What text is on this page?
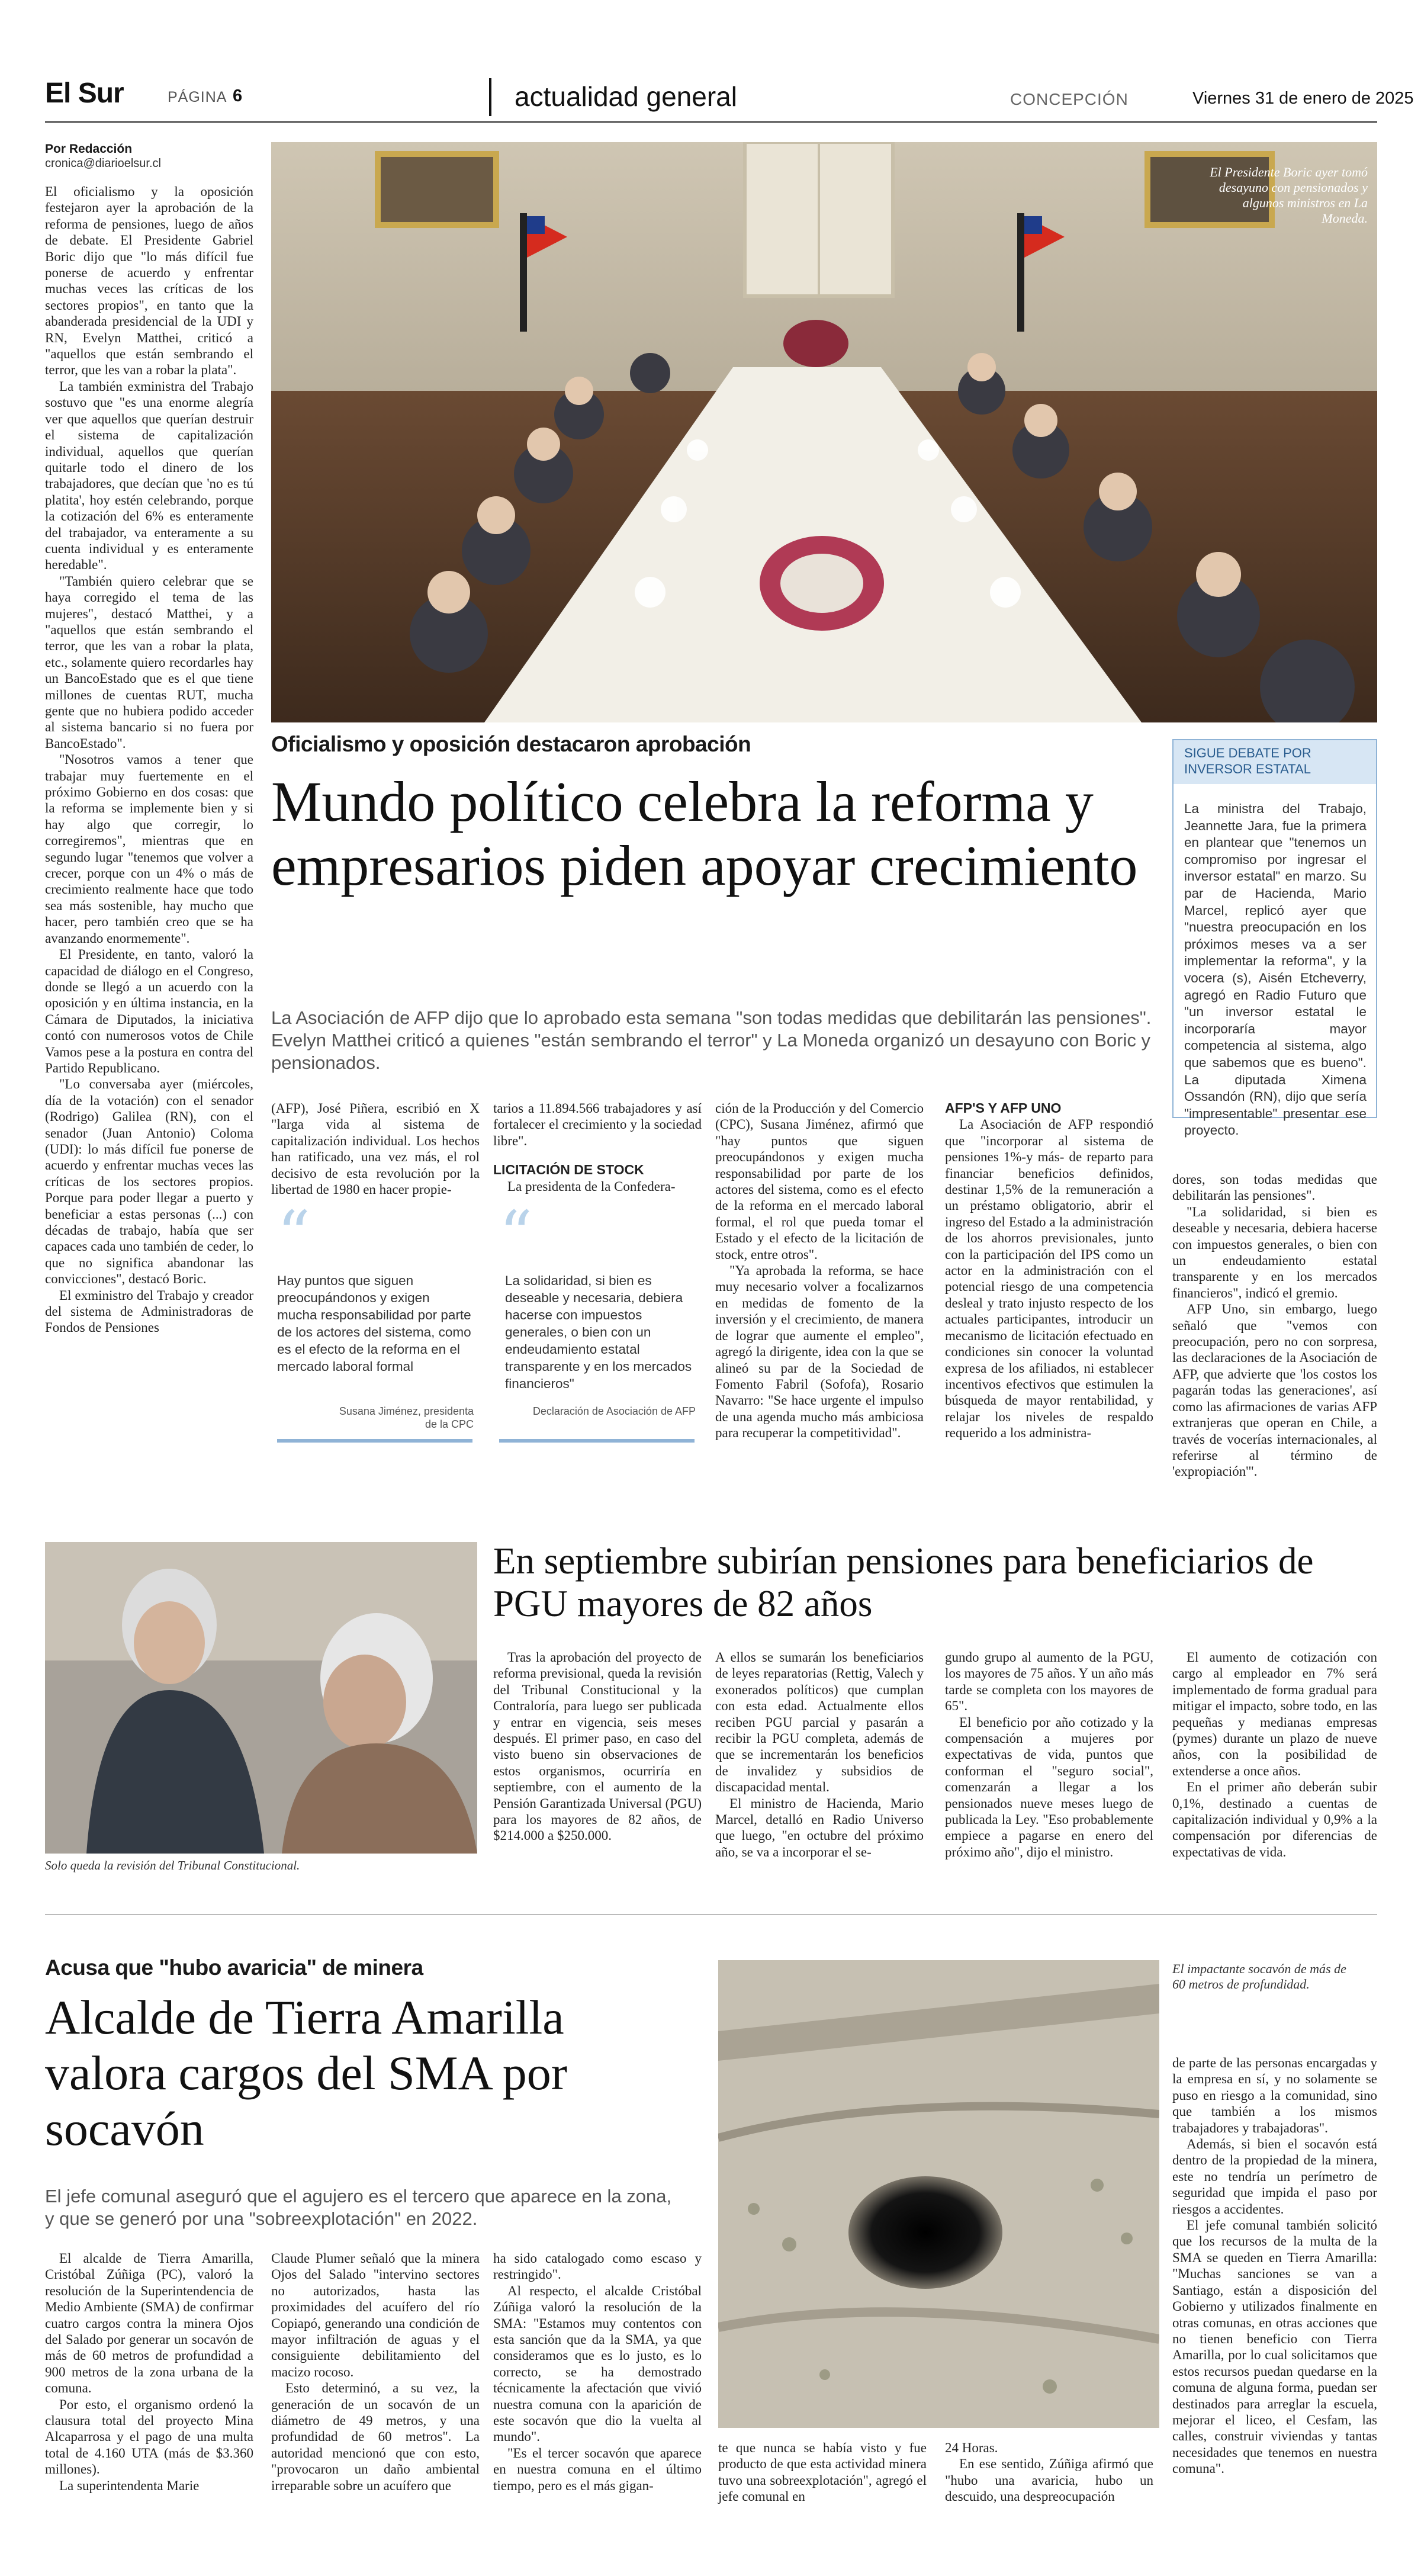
El Sur	PÁGINA 6	actualidad general	CONCEPCIÓN	Viernes 31 de enero de 2025
Por Redacción
cronica@diarioelsur.cl
El Presidente Boric ayer tomó desayuno con pensionados y algunos ministros en La Moneda.

El oficialismo y la oposición festejaron ayer la aprobación de la reforma de pensiones, luego de años de debate. El Presidente Gabriel Boric dijo que "lo más difícil fue ponerse de acuerdo y enfrentar muchas veces las críticas de los sectores propios", en tanto que la abanderada presidencial de la UDI y RN, Evelyn Matthei, criticó a "aquellos que están sembrando el terror, que les van a robar la plata".

La también exministra del Trabajo sostuvo que "es una enorme alegría ver que aquellos que querían destruir el sistema de capitalización individual, aquellos que querían quitarle todo el dinero de los trabajadores, que decían que 'no es tú platita', hoy estén celebrando, porque la cotización del 6% es enteramente del trabajador, va enteramente a su cuenta individual y es enteramente heredable".

"También quiero celebrar que se haya corregido el tema de las mujeres", destacó Matthei, y a "aquellos que están sembrando el terror, que les van a robar la plata, etc., solamente quiero recordarles hay un BancoEstado que es el que tiene millones de cuentas RUT, mucha gente que no hubiera podido acceder al sistema bancario si no fuera por BancoEstado".

"Nosotros vamos a tener que trabajar muy fuertemente en el próximo Gobierno en dos cosas: que la reforma se implemente bien y si hay algo que corregir, lo corregiremos", mientras que en segundo lugar "tenemos que volver a crecer, porque con un 4% o más de crecimiento realmente hace que todo sea más sostenible, hay mucho que hacer, pero también creo que se ha avanzando enormemente".

El Presidente, en tanto, valoró la capacidad de diálogo en el Congreso, donde se llegó a un acuerdo con la oposición y en última instancia, en la Cámara de Diputados, la iniciativa contó con numerosos votos de Chile Vamos pese a la postura en contra del Partido Republicano.

"Lo conversaba ayer (miércoles, día de la votación) con el senador (Rodrigo) Galilea (RN), con el senador (Juan Antonio) Coloma (UDI): lo más difícil fue ponerse de acuerdo y enfrentar muchas veces las críticas de los sectores propios. Porque para poder llegar a puerto y beneficiar a estas personas (...) con décadas de trabajo, había que ser capaces cada uno también de ceder, lo que no significa abandonar las convicciones", destacó Boric.

El exministro del Trabajo y creador del sistema de Administradoras de Fondos de Pensiones

Oficialismo y oposición destacaron aprobación
Mundo político celebra la reforma y empresarios piden apoyar crecimiento
La Asociación de AFP dijo que lo aprobado esta semana "son todas medidas que debilitarán las pensiones". Evelyn Matthei criticó a quienes "están sembrando el terror" y La Moneda organizó un desayuno con Boric y pensionados.
SIGUE DEBATE POR INVERSOR ESTATAL
La ministra del Trabajo, Jeannette Jara, fue la primera en plantear que "tenemos un compromiso por ingresar el inversor estatal" en marzo. Su par de Hacienda, Mario Marcel, replicó ayer que "nuestra preocupación en los próximos meses va a ser implementar la reforma", y la vocera (s), Aisén Etcheverry, agregó en Radio Futuro que "un inversor estatal le incorporaría mayor competencia al sistema, algo que sabemos que es bueno". La diputada Ximena Ossandón (RN), dijo que sería "impresentable" presentar ese proyecto.

(AFP), José Piñera, escribió en X "larga vida al sistema de capitalización individual. Los hechos han ratificado, una vez más, el rol decisivo de esta revolución por la libertad de 1980 en hacer propie-

“
Hay puntos que siguen preocupándonos y exigen mucha responsabilidad por parte de los actores del sistema, como es el efecto de la reforma en el mercado laboral formal
Susana Jiménez, presidenta de la CPC

tarios a 11.894.566 trabajadores y así fortalecer el crecimiento y la sociedad libre".

LICITACIÓN DE STOCK

La presidenta de la Confedera-

“
La solidaridad, si bien es deseable y necesaria, debiera hacerse con impuestos generales, o bien con un endeudamiento estatal transparente y en los mercados financieros"
Declaración de Asociación de AFP

ción de la Producción y del Comercio (CPC), Susana Jiménez, afirmó que "hay puntos que siguen preocupándonos y exigen mucha responsabilidad por parte de los actores del sistema, como es el efecto de la reforma en el mercado laboral formal, el rol que pueda tomar el Estado y el efecto de la licitación de stock, entre otros".

"Ya aprobada la reforma, se hace muy necesario volver a focalizarnos en medidas de fomento de la inversión y el crecimiento, de manera de lograr que aumente el empleo", agregó la dirigente, idea con la que se alineó su par de la Sociedad de Fomento Fabril (Sofofa), Rosario Navarro: "Se hace urgente el impulso de una agenda mucho más ambiciosa para recuperar la competitividad".

AFP'S Y AFP UNO

La Asociación de AFP respondió que "incorporar al sistema de pensiones 1%-y más- de reparto para financiar beneficios definidos, destinar 1,5% de la remuneración a un préstamo obligatorio, abrir el ingreso del Estado a la administración de los ahorros previsionales, junto con la participación del IPS como un actor en la administración con el potencial riesgo de una competencia desleal y trato injusto respecto de los actuales participantes, introducir un mecanismo de licitación efectuado en condiciones sin conocer la voluntad expresa de los afiliados, ni establecer incentivos efectivos que estimulen la búsqueda de mayor rentabilidad, y relajar los niveles de respaldo requerido a los administra-

dores, son todas medidas que debilitarán las pensiones".

"La solidaridad, si bien es deseable y necesaria, debiera hacerse con impuestos generales, o bien con un endeudamiento estatal transparente y en los mercados financieros", indicó el gremio.

AFP Uno, sin embargo, luego señaló que "vemos con preocupación, pero no con sorpresa, las declaraciones de la Asociación de AFP, que advierte que 'los costos los pagarán todas las generaciones', así como las afirmaciones de varias AFP extranjeras que operan en Chile, a través de vocerías internacionales, al referirse al término de 'expropiación'".

Solo queda la revisión del Tribunal Constitucional.
En septiembre subirían pensiones para beneficiarios de PGU mayores de 82 años

Tras la aprobación del proyecto de reforma previsional, queda la revisión del Tribunal Constitucional y la Contraloría, para luego ser publicada y entrar en vigencia, seis meses después. El primer paso, en caso del visto bueno sin observaciones de estos organismos, ocurriría en septiembre, con el aumento de la Pensión Garantizada Universal (PGU) para los mayores de 82 años, de $214.000 a $250.000.

A ellos se sumarán los beneficiarios de leyes reparatorias (Rettig, Valech y exonerados políticos) que cumplan con esta edad. Actualmente ellos reciben PGU parcial y pasarán a recibir la PGU completa, además de que se incrementarán los beneficios de invalidez y subsidios de discapacidad mental.

El ministro de Hacienda, Mario Marcel, detalló en Radio Universo que luego, "en octubre del próximo año, se va a incorporar el se-

gundo grupo al aumento de la PGU, los mayores de 75 años. Y un año más tarde se completa con los mayores de 65".

El beneficio por año cotizado y la compensación a mujeres por expectativas de vida, puntos que conforman el "seguro social", comenzarán a llegar a los pensionados nueve meses luego de publicada la Ley. "Eso probablemente empiece a pagarse en enero del próximo año", dijo el ministro.

El aumento de cotización con cargo al empleador en 7% será implementado de forma gradual para mitigar el impacto, sobre todo, en las pequeñas y medianas empresas (pymes) durante un plazo de nueve años, con la posibilidad de extenderse a once años.

En el primer año deberán subir 0,1%, destinado a cuentas de capitalización individual y 0,9% a la compensación por diferencias de expectativas de vida.

Acusa que "hubo avaricia" de minera
Alcalde de Tierra Amarilla valora cargos del SMA por socavón
El jefe comunal aseguró que el agujero es el tercero que aparece en la zona, y que se generó por una "sobreexplotación" en 2022.
El impactante socavón de más de 60 metros de profundidad.

El alcalde de Tierra Amarilla, Cristóbal Zúñiga (PC), valoró la resolución de la Superintendencia de Medio Ambiente (SMA) de confirmar cuatro cargos contra la minera Ojos del Salado por generar un socavón de más de 60 metros de profundidad a 900 metros de la zona urbana de la comuna.

Por esto, el organismo ordenó la clausura total del proyecto Mina Alcaparrosa y el pago de una multa total de 4.160 UTA (más de $3.360 millones).

La superintendenta Marie

Claude Plumer señaló que la minera Ojos del Salado "intervino sectores no autorizados, hasta las proximidades del acuífero del río Copiapó, generando una condición de mayor infiltración de aguas y el consiguiente debilitamiento del macizo rocoso.

Esto determinó, a su vez, la generación de un socavón de un diámetro de 49 metros, y una profundidad de 60 metros". La autoridad mencionó que con esto, "provocaron un daño ambiental irreparable sobre un acuífero que

ha sido catalogado como escaso y restringido".

Al respecto, el alcalde Cristóbal Zúñiga valoró la resolución de la SMA: "Estamos muy contentos con esta sanción que da la SMA, ya que consideramos que es lo justo, es lo correcto, se ha demostrado técnicamente la afectación que vivió nuestra comuna con la aparición de este socavón que dio la vuelta al mundo".

"Es el tercer socavón que aparece en nuestra comuna en el último tiempo, pero es el más gigan-

te que nunca se había visto y fue producto de que esta actividad minera tuvo una sobreexplotación", agregó el jefe comunal en

24 Horas.

En ese sentido, Zúñiga afirmó que "hubo una avaricia, hubo un descuido, una despreocupación

de parte de las personas encargadas y la empresa en sí, y no solamente se puso en riesgo a la comunidad, sino que también a los mismos trabajadores y trabajadoras".

Además, si bien el socavón está dentro de la propiedad de la minera, este no tendría un perímetro de seguridad que impida el paso por riesgos a accidentes.

El jefe comunal también solicitó que los recursos de la multa de la SMA se queden en Tierra Amarilla: "Muchas sanciones se van a Santiago, están a disposición del Gobierno y utilizados finalmente en otras comunas, en otras acciones que no tienen beneficio con Tierra Amarilla, por lo cual solicitamos que estos recursos puedan quedarse en la comuna de alguna forma, puedan ser destinados para arreglar la escuela, mejorar el liceo, el Cesfam, las calles, construir viviendas y tantas necesidades que tenemos en nuestra comuna".
